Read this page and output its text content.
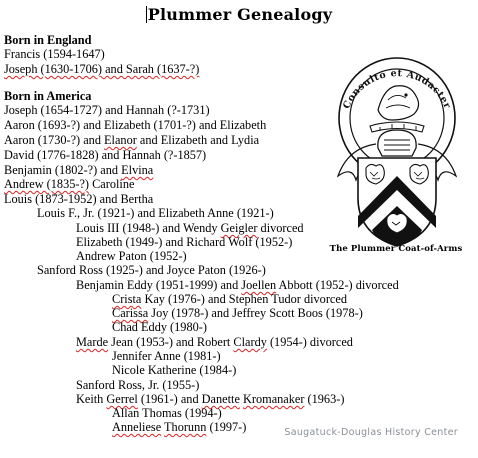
Plummer Genealogy
Born in England
Francis (1594-1647)
Joseph (1630-1706) and Sarah (1637-?)
Born in America
Joseph (1654-1727) and Hannah (?-1731)
Aaron (1693-?) and Elizabeth (1701-?) and Elizabeth
Aaron (1730-?) and Elanor and Elizabeth and Lydia
David (1776-1828) and Hannah (?-1857)
Benjamin (1802-?) and Elvina
Andrew (1835-?) Caroline
Louis (1873-1952) and Bertha
Louis F., Jr. (1921-) and Elizabeth Anne (1921-)
Louis III (1948-) and Wendy Geigler divorced
Elizabeth (1949-) and Richard Wolf (1952-)
Andrew Paton (1952-)
Sanford Ross (1925-) and Joyce Paton (1926-)
Benjamin Eddy (1951-1999) and Joellen Abbott (1952-) divorced
Crista Kay (1976-) and Stephen Tudor divorced
Carissa Joy (1978-) and Jeffrey Scott Boos (1978-)
Chad Eddy (1980-)
Marde Jean (1953-) and Robert Clardy (1954-) divorced
Jennifer Anne (1981-)
Nicole Katherine (1984-)
Sanford Ross, Jr. (1955-)
Keith Gerrel (1961-) and Danette Kromanaker (1963-)
Allan Thomas (1994-)
Anneliese Thorunn (1997-)
Consulto et Audacter
The Plummer Coat-of-Arms
Saugatuck-Douglas History Center
